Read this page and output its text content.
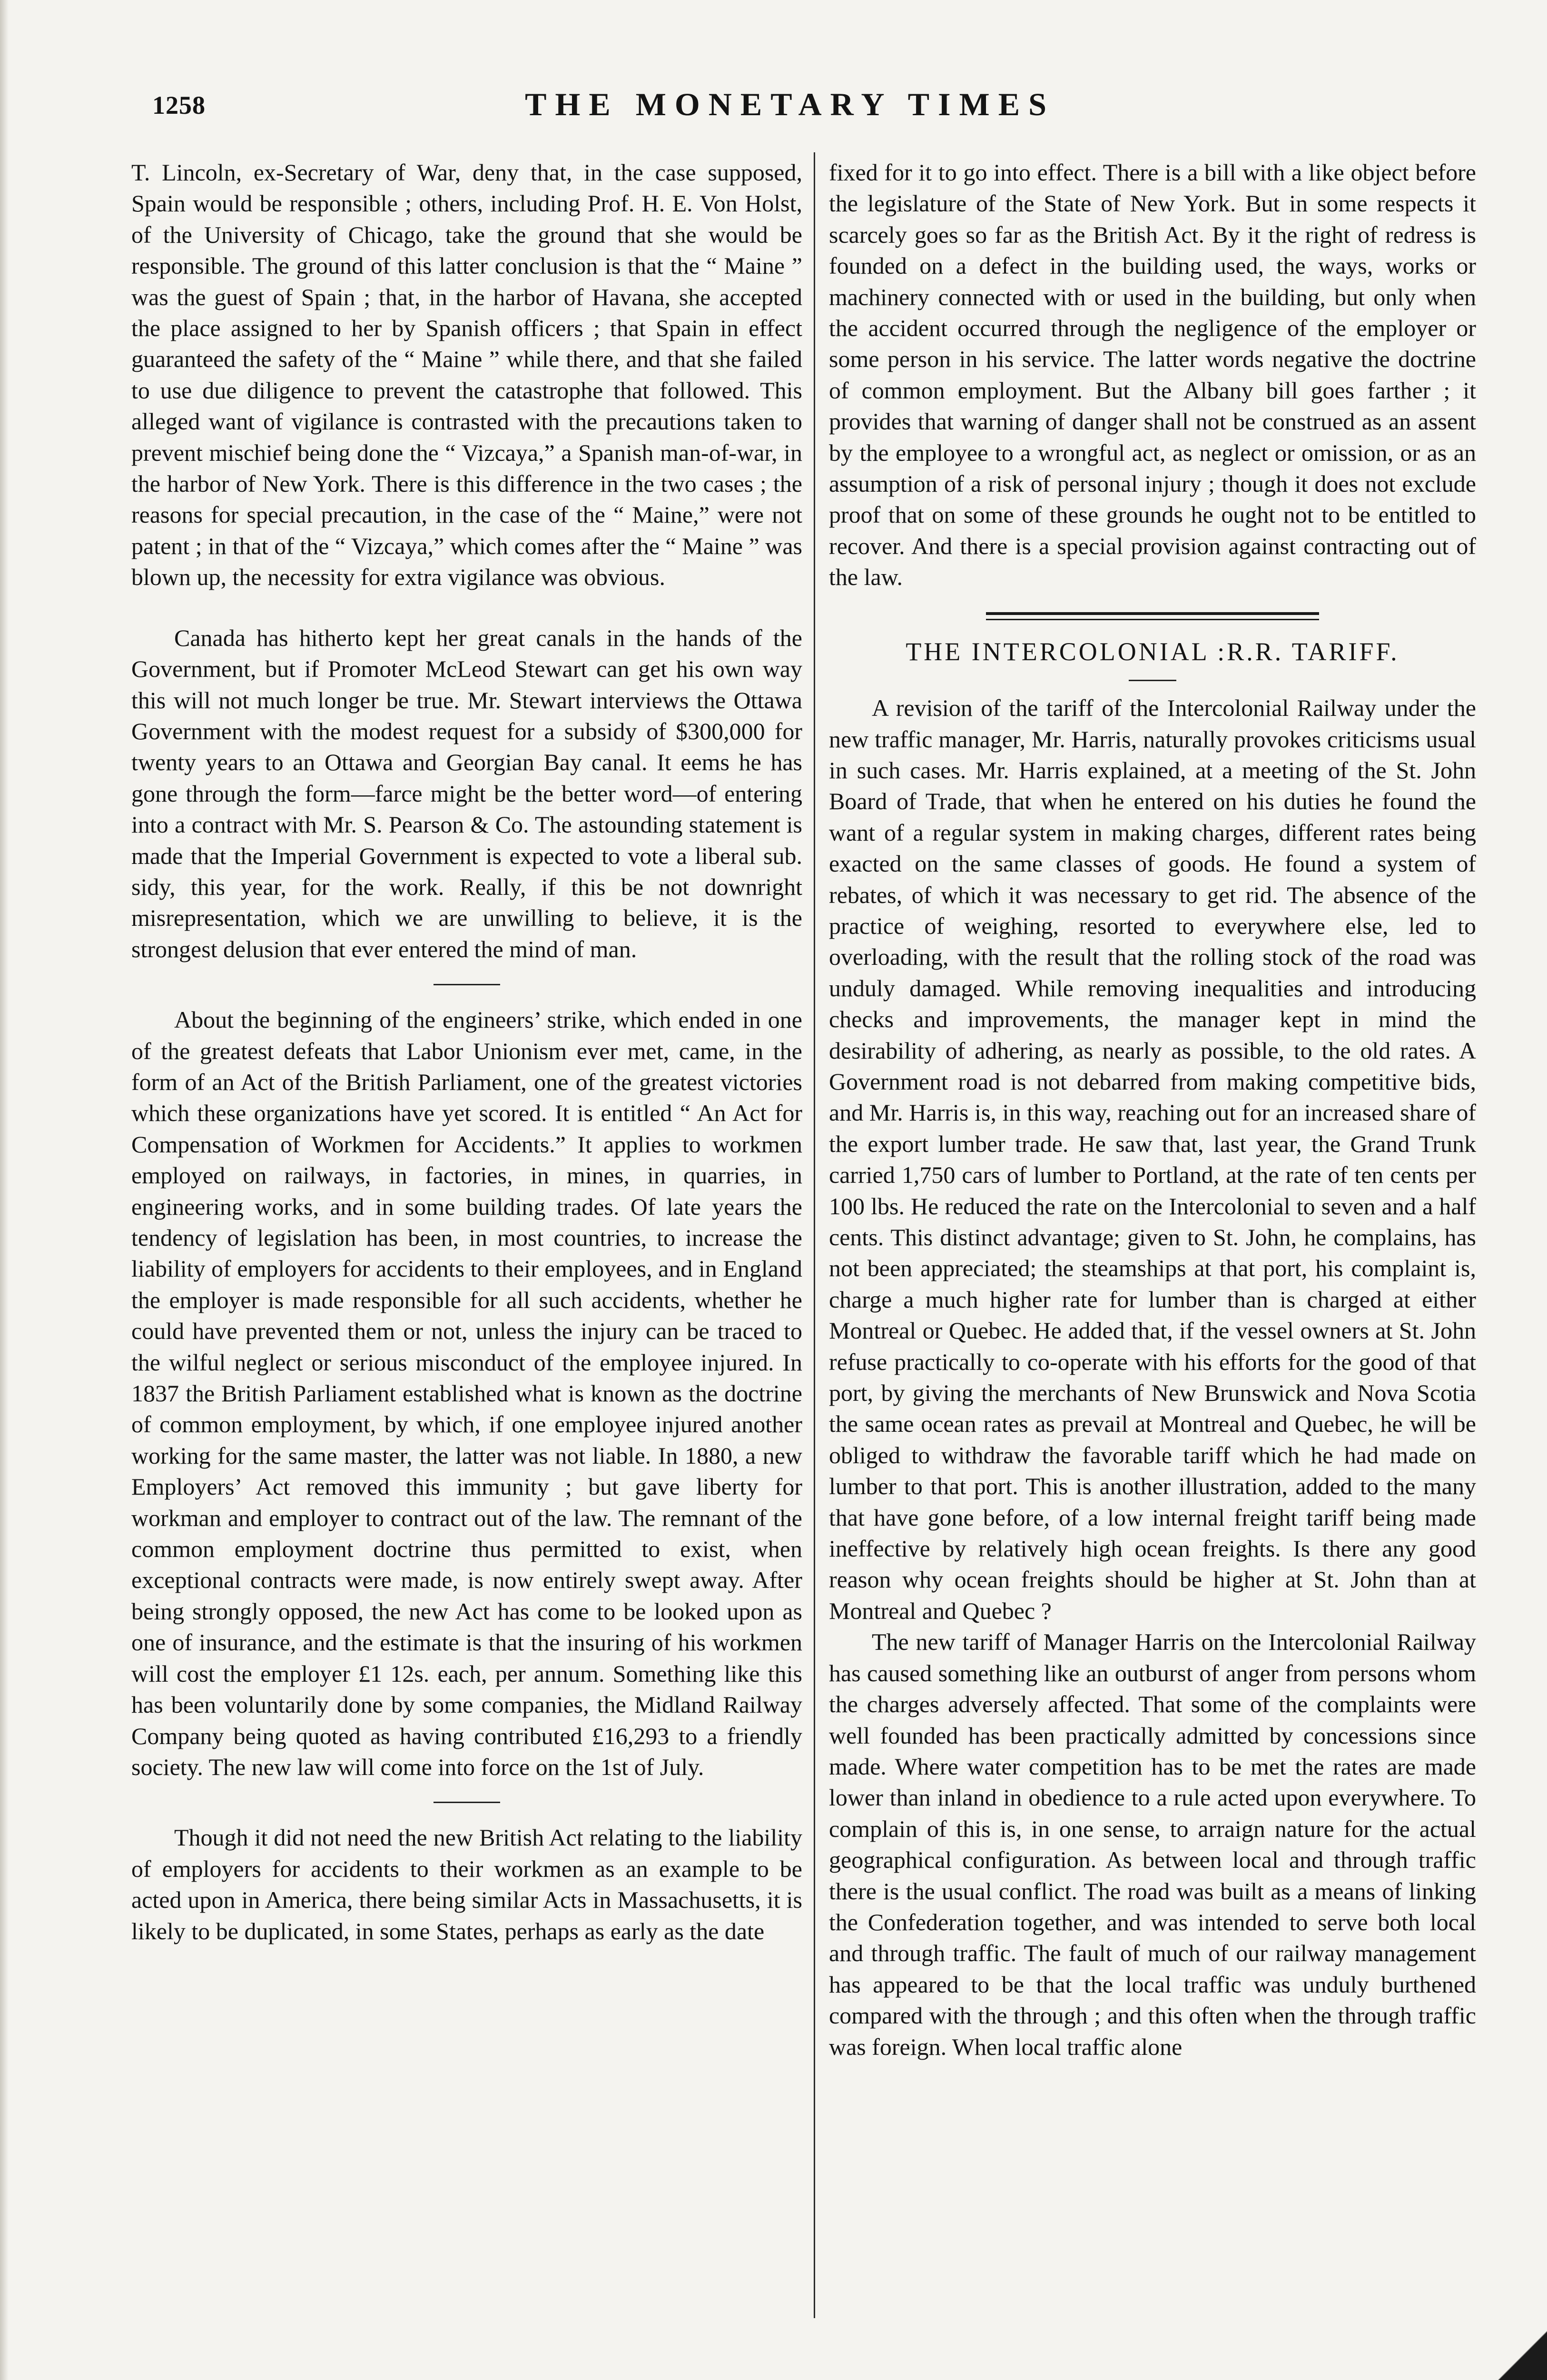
1258	THE MONETARY TIMES

T. Lincoln, ex-Secretary of War, deny that, in the case supposed, Spain would be responsible ; others, including Prof. H. E. Von Holst, of the University of Chicago, take the ground that she would be responsible. The ground of this latter conclusion is that the “ Maine ” was the guest of Spain ; that, in the harbor of Havana, she accepted the place assigned to her by Spanish officers ; that Spain in effect guaranteed the safety of the “ Maine ” while there, and that she failed to use due diligence to prevent the catastrophe that followed. This alleged want of vigilance is contrasted with the precautions taken to prevent mischief being done the “ Vizcaya,” a Spanish man-of-war, in the harbor of New York. There is this difference in the two cases ; the reasons for special precaution, in the case of the “ Maine,” were not patent ; in that of the “ Vizcaya,” which comes after the “ Maine ” was blown up, the necessity for extra vigilance was obvious.

Canada has hitherto kept her great canals in the hands of the Government, but if Promoter McLeod Stewart can get his own way this will not much longer be true. Mr. Stewart interviews the Ottawa Government with the modest request for a subsidy of $300,000 for twenty years to an Ottawa and Georgian Bay canal. It eems he has gone through the form—farce might be the better word—of entering into a contract with Mr. S. Pearson & Co. The astounding statement is made that the Imperial Government is expected to vote a liberal sub. sidy, this year, for the work. Really, if this be not downright misrepresentation, which we are unwilling to believe, it is the strongest delusion that ever entered the mind of man.

About the beginning of the engineers’ strike, which ended in one of the greatest defeats that Labor Unionism ever met, came, in the form of an Act of the British Parliament, one of the greatest victories which these organizations have yet scored. It is entitled “ An Act for Compensation of Workmen for Accidents.” It applies to workmen employed on railways, in factories, in mines, in quarries, in engineering works, and in some building trades. Of late years the tendency of legislation has been, in most countries, to increase the liability of employers for accidents to their employees, and in England the employer is made responsible for all such accidents, whether he could have prevented them or not, unless the injury can be traced to the wilful neglect or serious misconduct of the employee injured. In 1837 the British Parliament established what is known as the doctrine of common employment, by which, if one employee injured another working for the same master, the latter was not liable. In 1880, a new Employers’ Act removed this immunity ; but gave liberty for workman and employer to contract out of the law. The remnant of the common employment doctrine thus permitted to exist, when exceptional contracts were made, is now entirely swept away. After being strongly opposed, the new Act has come to be looked upon as one of insurance, and the estimate is that the insuring of his workmen will cost the employer £1 12s. each, per annum. Something like this has been voluntarily done by some companies, the Midland Railway Company being quoted as having contributed £16,293 to a friendly society. The new law will come into force on the 1st of July.

Though it did not need the new British Act relating to the liability of employers for accidents to their workmen as an example to be acted upon in America, there being similar Acts in Massachusetts, it is likely to be duplicated, in some States, perhaps as early as the date

fixed for it to go into effect. There is a bill with a like object before the legislature of the State of New York. But in some respects it scarcely goes so far as the British Act. By it the right of redress is founded on a defect in the building used, the ways, works or machinery connected with or used in the building, but only when the accident occurred through the negligence of the employer or some person in his service. The latter words negative the doctrine of common employment. But the Albany bill goes farther ; it provides that warning of danger shall not be construed as an assent by the employee to a wrongful act, as neglect or omission, or as an assumption of a risk of personal injury ; though it does not exclude proof that on some of these grounds he ought not to be entitled to recover. And there is a special provision against contracting out of the law.

THE INTERCOLONIAL :R.R. TARIFF.

A revision of the tariff of the Intercolonial Railway under the new traffic manager, Mr. Harris, naturally provokes criticisms usual in such cases. Mr. Harris explained, at a meeting of the St. John Board of Trade, that when he entered on his duties he found the want of a regular system in making charges, different rates being exacted on the same classes of goods. He found a system of rebates, of which it was necessary to get rid. The absence of the practice of weighing, resorted to everywhere else, led to overloading, with the result that the rolling stock of the road was unduly damaged. While removing inequalities and introducing checks and improvements, the manager kept in mind the desirability of adhering, as nearly as possible, to the old rates. A Government road is not debarred from making competitive bids, and Mr. Harris is, in this way, reaching out for an increased share of the export lumber trade. He saw that, last year, the Grand Trunk carried 1,750 cars of lumber to Portland, at the rate of ten cents per 100 lbs. He reduced the rate on the Intercolonial to seven and a half cents. This distinct advantage; given to St. John, he complains, has not been appreciated; the steamships at that port, his complaint is, charge a much higher rate for lumber than is charged at either Montreal or Quebec. He added that, if the vessel owners at St. John refuse practically to co-operate with his efforts for the good of that port, by giving the merchants of New Brunswick and Nova Scotia the same ocean rates as prevail at Montreal and Quebec, he will be obliged to withdraw the favorable tariff which he had made on lumber to that port. This is another illustration, added to the many that have gone before, of a low internal freight tariff being made ineffective by relatively high ocean freights. Is there any good reason why ocean freights should be higher at St. John than at Montreal and Quebec ?

The new tariff of Manager Harris on the Intercolonial Railway has caused something like an outburst of anger from persons whom the charges adversely affected. That some of the complaints were well founded has been practically admitted by concessions since made. Where water competition has to be met the rates are made lower than inland in obedience to a rule acted upon everywhere. To complain of this is, in one sense, to arraign nature for the actual geographical configuration. As between local and through traffic there is the usual conflict. The road was built as a means of linking the Confederation together, and was intended to serve both local and through traffic. The fault of much of our railway management has appeared to be that the local traffic was unduly burthened compared with the through ; and this often when the through traffic was foreign. When local traffic alone
